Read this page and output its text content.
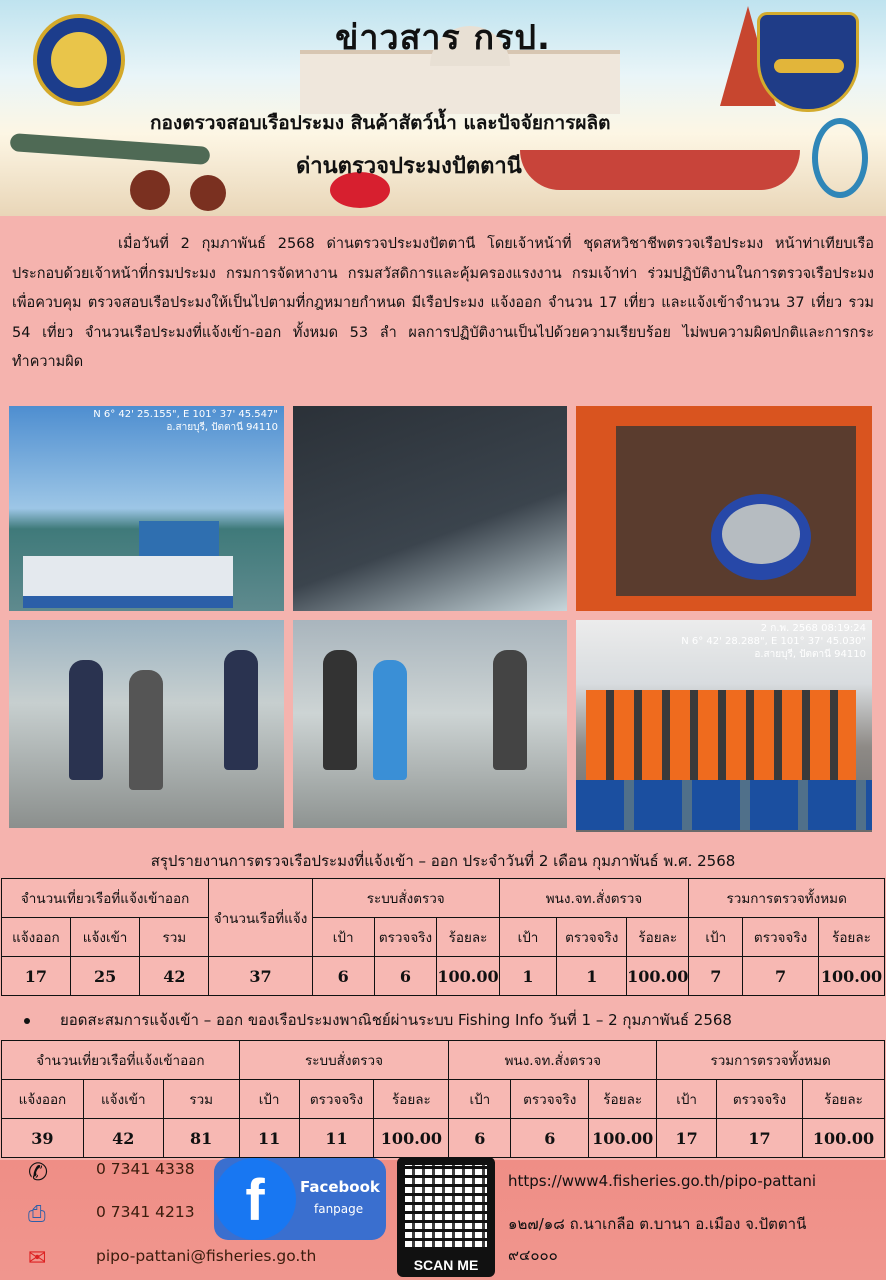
ข่าวสาร กรป.
กองตรวจสอบเรือประมง สินค้าสัตว์น้ำ และปัจจัยการผลิต
ด่านตรวจประมงปัตตานี
เมื่อวันที่ 2 กุมภาพันธ์ 2568 ด่านตรวจประมงปัตตานี โดยเจ้าหน้าที่ ชุดสหวิชาชีพตรวจเรือประมง หน้าท่าเทียบเรือ ประกอบด้วยเจ้าหน้าที่กรมประมง กรมการจัดหางาน กรมสวัสดิการและคุ้มครองแรงงาน กรมเจ้าท่า ร่วมปฏิบัติงานในการตรวจเรือประมง เพื่อควบคุม ตรวจสอบเรือประมงให้เป็นไปตามที่กฎหมายกำหนด มีเรือประมง แจ้งออก จำนวน 17 เที่ยว และแจ้งเข้าจำนวน 37 เที่ยว รวม 54 เที่ยว จำนวนเรือประมงที่แจ้งเข้า-ออก ทั้งหมด 53 ลำ ผลการปฏิบัติงานเป็นไปด้วยความเรียบร้อย ไม่พบความผิดปกติและการกระทำความผิด
N 6° 42' 25.155", E 101° 37' 45.547"
อ.สายบุรี, ปัตตานี 94110
2 ก.พ. 2568 08:19:24
N 6° 42' 28.288", E 101° 37' 45.030"
อ.สายบุรี, ปัตตานี 94110
สรุปรายงานการตรวจเรือประมงที่แจ้งเข้า – ออก ประจำวันที่ 2 เดือน กุมภาพันธ์ พ.ศ. 2568
จำนวนเที่ยวเรือที่แจ้งเข้าออก			จำนวนเรือที่แจ้ง	ระบบสั่งตรวจ			พนง.จท.สั่งตรวจ			รวมการตรวจทั้งหมด		
แจ้งออก	แจ้งเข้า	รวม		เป้า	ตรวจจริง	ร้อยละ	เป้า	ตรวจจริง	ร้อยละ	เป้า	ตรวจจริง	ร้อยละ
17	25	42	37	6	6	100.00	1	1	100.00	7	7	100.00
ยอดสะสมการแจ้งเข้า – ออก ของเรือประมงพาณิชย์ผ่านระบบ Fishing Info วันที่ 1 – 2 กุมภาพันธ์ 2568
จำนวนเที่ยวเรือที่แจ้งเข้าออก			ระบบสั่งตรวจ			พนง.จท.สั่งตรวจ			รวมการตรวจทั้งหมด		
แจ้งออก	แจ้งเข้า	รวม	เป้า	ตรวจจริง	ร้อยละ	เป้า	ตรวจจริง	ร้อยละ	เป้า	ตรวจจริง	ร้อยละ
39	42	81	11	11	100.00	6	6	100.00	17	17	100.00
✆	0 7341 4338
⎙	0 7341 4213
✉	pipo-pattani@fisheries.go.th
f	Facebook
fanpage
SCAN ME
https://www4.fisheries.go.th/pipo-pattani
๑๒๗/๑๘ ถ.นาเกลือ ต.บานา อ.เมือง จ.ปัตตานี
๙๔๐๐๐
